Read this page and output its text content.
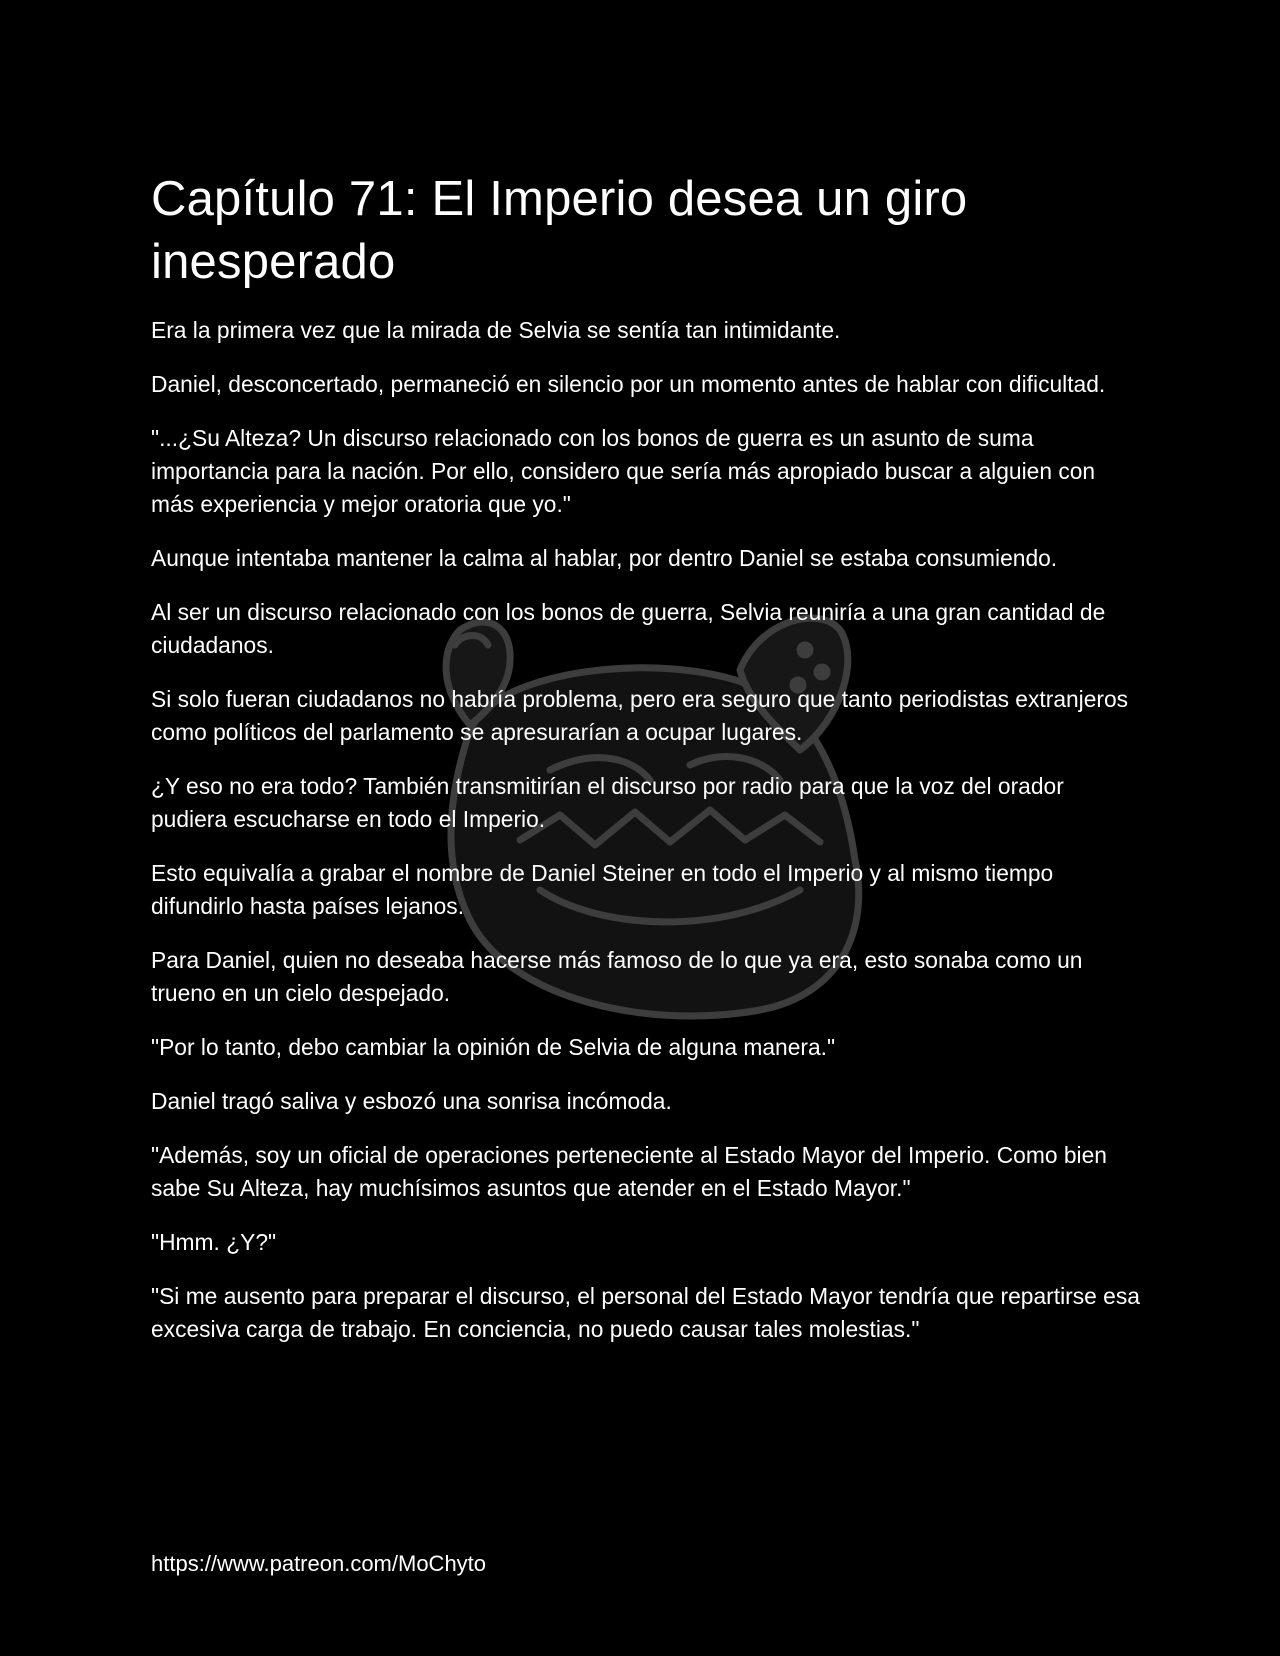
Capítulo 71: El Imperio desea un giro inesperado

Era la primera vez que la mirada de Selvia se sentía tan intimidante.

Daniel, desconcertado, permaneció en silencio por un momento antes de hablar con dificultad.

"...¿Su Alteza? Un discurso relacionado con los bonos de guerra es un asunto de suma importancia para la nación. Por ello, considero que sería más apropiado buscar a alguien con más experiencia y mejor oratoria que yo."

Aunque intentaba mantener la calma al hablar, por dentro Daniel se estaba consumiendo.

Al ser un discurso relacionado con los bonos de guerra, Selvia reuniría a una gran cantidad de ciudadanos.

Si solo fueran ciudadanos no habría problema, pero era seguro que tanto periodistas extranjeros como políticos del parlamento se apresurarían a ocupar lugares.

¿Y eso no era todo? También transmitirían el discurso por radio para que la voz del orador pudiera escucharse en todo el Imperio.

Esto equivalía a grabar el nombre de Daniel Steiner en todo el Imperio y al mismo tiempo difundirlo hasta países lejanos.

Para Daniel, quien no deseaba hacerse más famoso de lo que ya era, esto sonaba como un trueno en un cielo despejado.

"Por lo tanto, debo cambiar la opinión de Selvia de alguna manera."

Daniel tragó saliva y esbozó una sonrisa incómoda.

"Además, soy un oficial de operaciones perteneciente al Estado Mayor del Imperio. Como bien sabe Su Alteza, hay muchísimos asuntos que atender en el Estado Mayor."

"Hmm. ¿Y?"

"Si me ausento para preparar el discurso, el personal del Estado Mayor tendría que repartirse esa excesiva carga de trabajo. En conciencia, no puedo causar tales molestias."

https://www.patreon.com/MoChyto
